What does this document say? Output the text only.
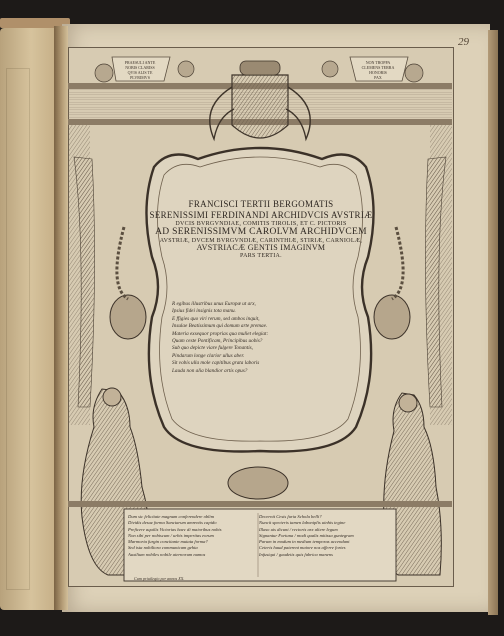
29
PRAESULI ANTE
NOBIS CLARISS
QVIS ALIS TE
PLVRIMVS
NON TROPPA
CLEMENS TERRA
HONORIS
PAX
FRANCISCI TERTII BERGOMATIS
SERENISSIMI FERDINANDI ARCHIDVCIS AVSTRIÆ
DVCIS BVRGVNDIAE, COMITIS TIROLIS, ET C. PICTORIS
AD SERENISSIMVM CAROLVM ARCHIDVCEM
AVSTRIÆ, DVCEM BVRGVNDIÆ, CARINTHIÆ, STIRIÆ, CARNIOLÆ,
AVSTRIACÆ GENTIS IMAGINVM
PARS TERTIA.
R egibus illustribus unus Europæ ut arx,
Ipsius fidei insignis tota manu.
E ffigies quo viri rerum, sed ambos inquit,
Insulae Beatissimum qui domum arte premae.
Materia exsequor proprias qua muliet elegiat:
Quam ceste Pontificam, Principibus uobis?
Sub quo depicte viare fulgere Tonantis,
Pindarum longe clarior ullus aber.
Sit vobis ulla mole capitibus grata laboris
Lauda non alia blandior artis opus?
Dum sic felicitate magnum conferendere oblim
Dividis desuz forma Sanctarum amrentis capido
Preficere aquilis Victorias haec di maioribus nobis
Non sibi per nobiscum / urbis imperitas eorum
Marmoria furgin concitante mutata forma?
Sed ista nobiliora communicam gehta
Auxilium nobiles nobile aternorum numos
Decernit Cesis furia Schola belli?
Nuncit specteris tamen laboniplis uinhis tegine
Illaso uis dicunt / rectoris arx altere legum
Signantur Fortuna / modi qualis mitissa guntegram
Parum in modum in medium temporas accendant
Ceteris haud paterent maiore nos afferre fortes
Infusiqui / gaudetis quis fabrica manens
Cum priuilegio per annos XX.
